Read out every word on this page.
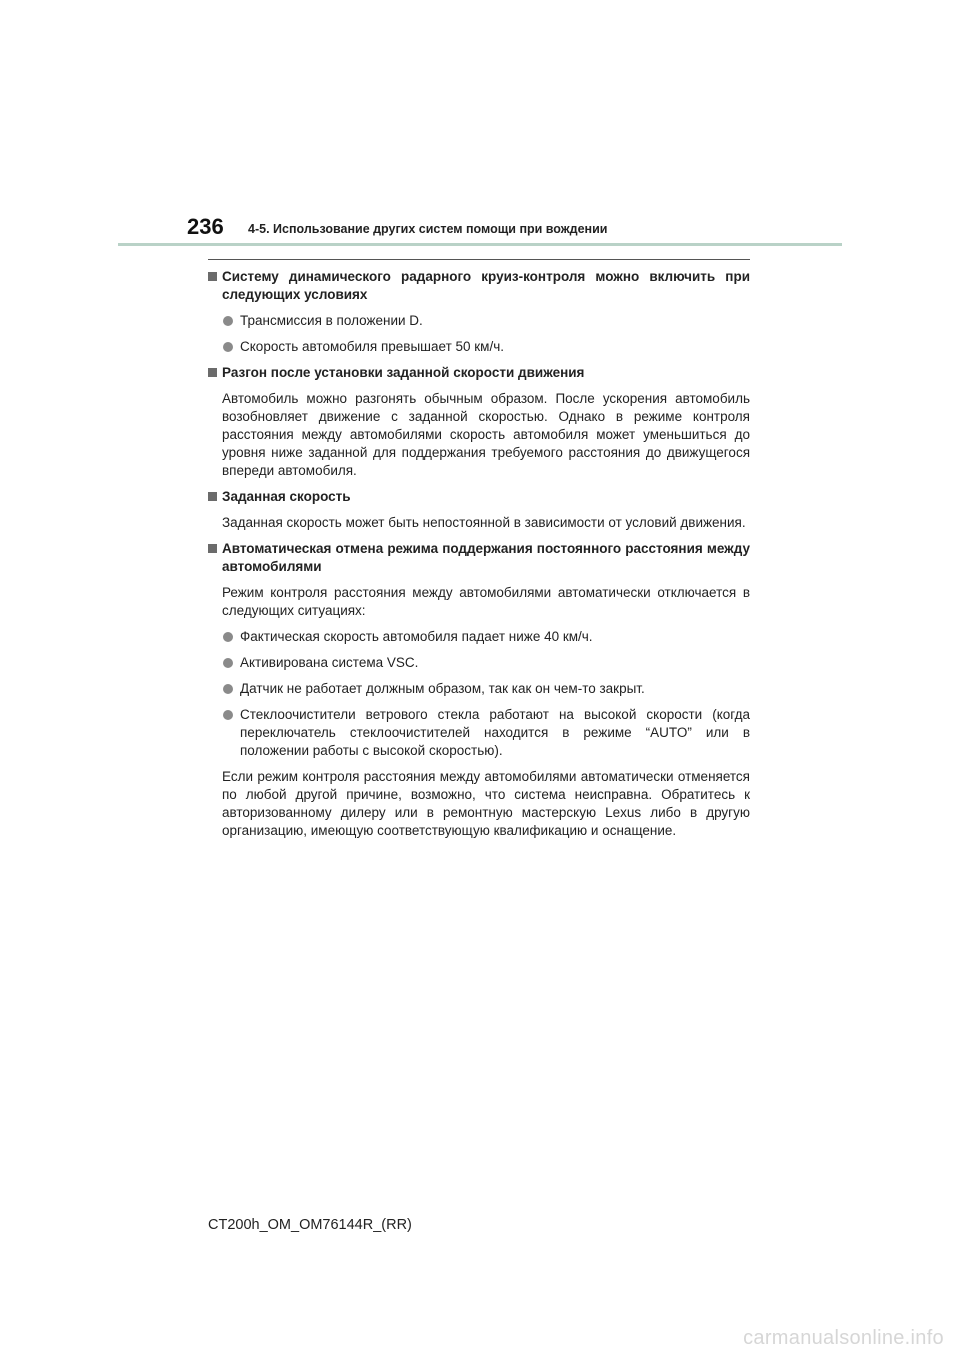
236 4-5. Использование других систем помощи при вождении
Систему динамического радарного круиз-контроля можно включить при следующих условиях
Трансмиссия в положении D.
Скорость автомобиля превышает 50 км/ч.
Разгон после установки заданной скорости движения
Автомобиль можно разгонять обычным образом. После ускорения автомобиль возобновляет движение с заданной скоростью. Однако в режиме контроля расстояния между автомобилями скорость автомобиля может уменьшиться до уровня ниже заданной для поддержания требуемого расстояния до движущегося впереди автомобиля.
Заданная скорость
Заданная скорость может быть непостоянной в зависимости от условий движения.
Автоматическая отмена режима поддержания постоянного расстояния между автомобилями
Режим контроля расстояния между автомобилями автоматически отключается в следующих ситуациях:
Фактическая скорость автомобиля падает ниже 40 км/ч.
Активирована система VSC.
Датчик не работает должным образом, так как он чем-то закрыт.
Стеклоочистители ветрового стекла работают на высокой скорости (когда переключатель стеклоочистителей находится в режиме “AUTO” или в положении работы с высокой скоростью).
Если режим контроля расстояния между автомобилями автоматически отменяется по любой другой причине, возможно, что система неисправна. Обратитесь к авторизованному дилеру или в ремонтную мастерскую Lexus либо в другую организацию, имеющую соответствующую квалификацию и оснащение.
CT200h_OM_OM76144R_(RR)
carmanualsonline.info
